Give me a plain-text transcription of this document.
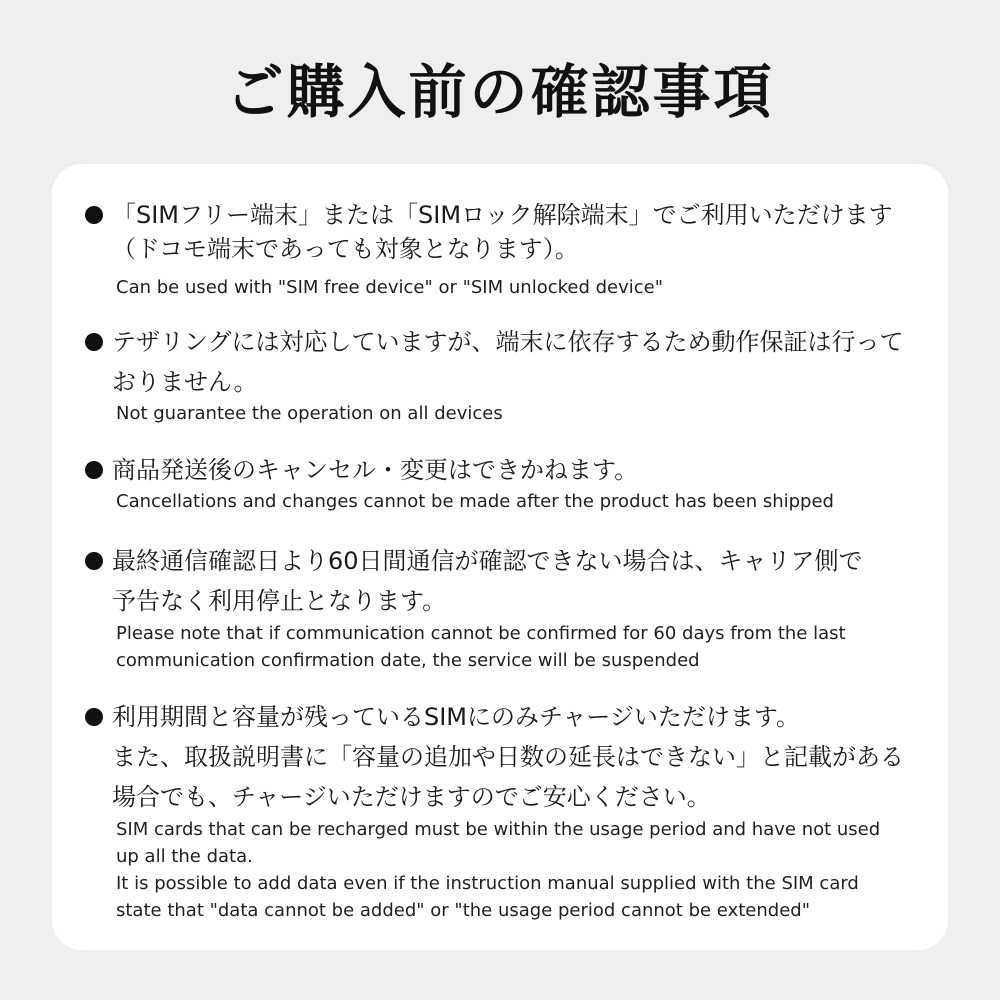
ご購入前の確認事項
「SIMフリー端末」または「SIMロック解除端末」でご利用いただけます
（ドコモ端末であっても対象となります）。
Can be used with "SIM free device" or "SIM unlocked device"
テザリングには対応していますが、端末に依存するため動作保証は行って
おりません。
Not guarantee the operation on all devices
商品発送後のキャンセル・変更はできかねます。
Cancellations and changes cannot be made after the product has been shipped
最終通信確認日より60日間通信が確認できない場合は、キャリア側で
予告なく利用停止となります。
Please note that if communication cannot be confirmed for 60 days from the last
communication confirmation date, the service will be suspended
利用期間と容量が残っているSIMにのみチャージいただけます。
また、取扱説明書に「容量の追加や日数の延長はできない」と記載がある
場合でも、チャージいただけますのでご安心ください。
SIM cards that can be recharged must be within the usage period and have not used
up all the data.
It is possible to add data even if the instruction manual supplied with the SIM card
state that "data cannot be added" or "the usage period cannot be extended"
